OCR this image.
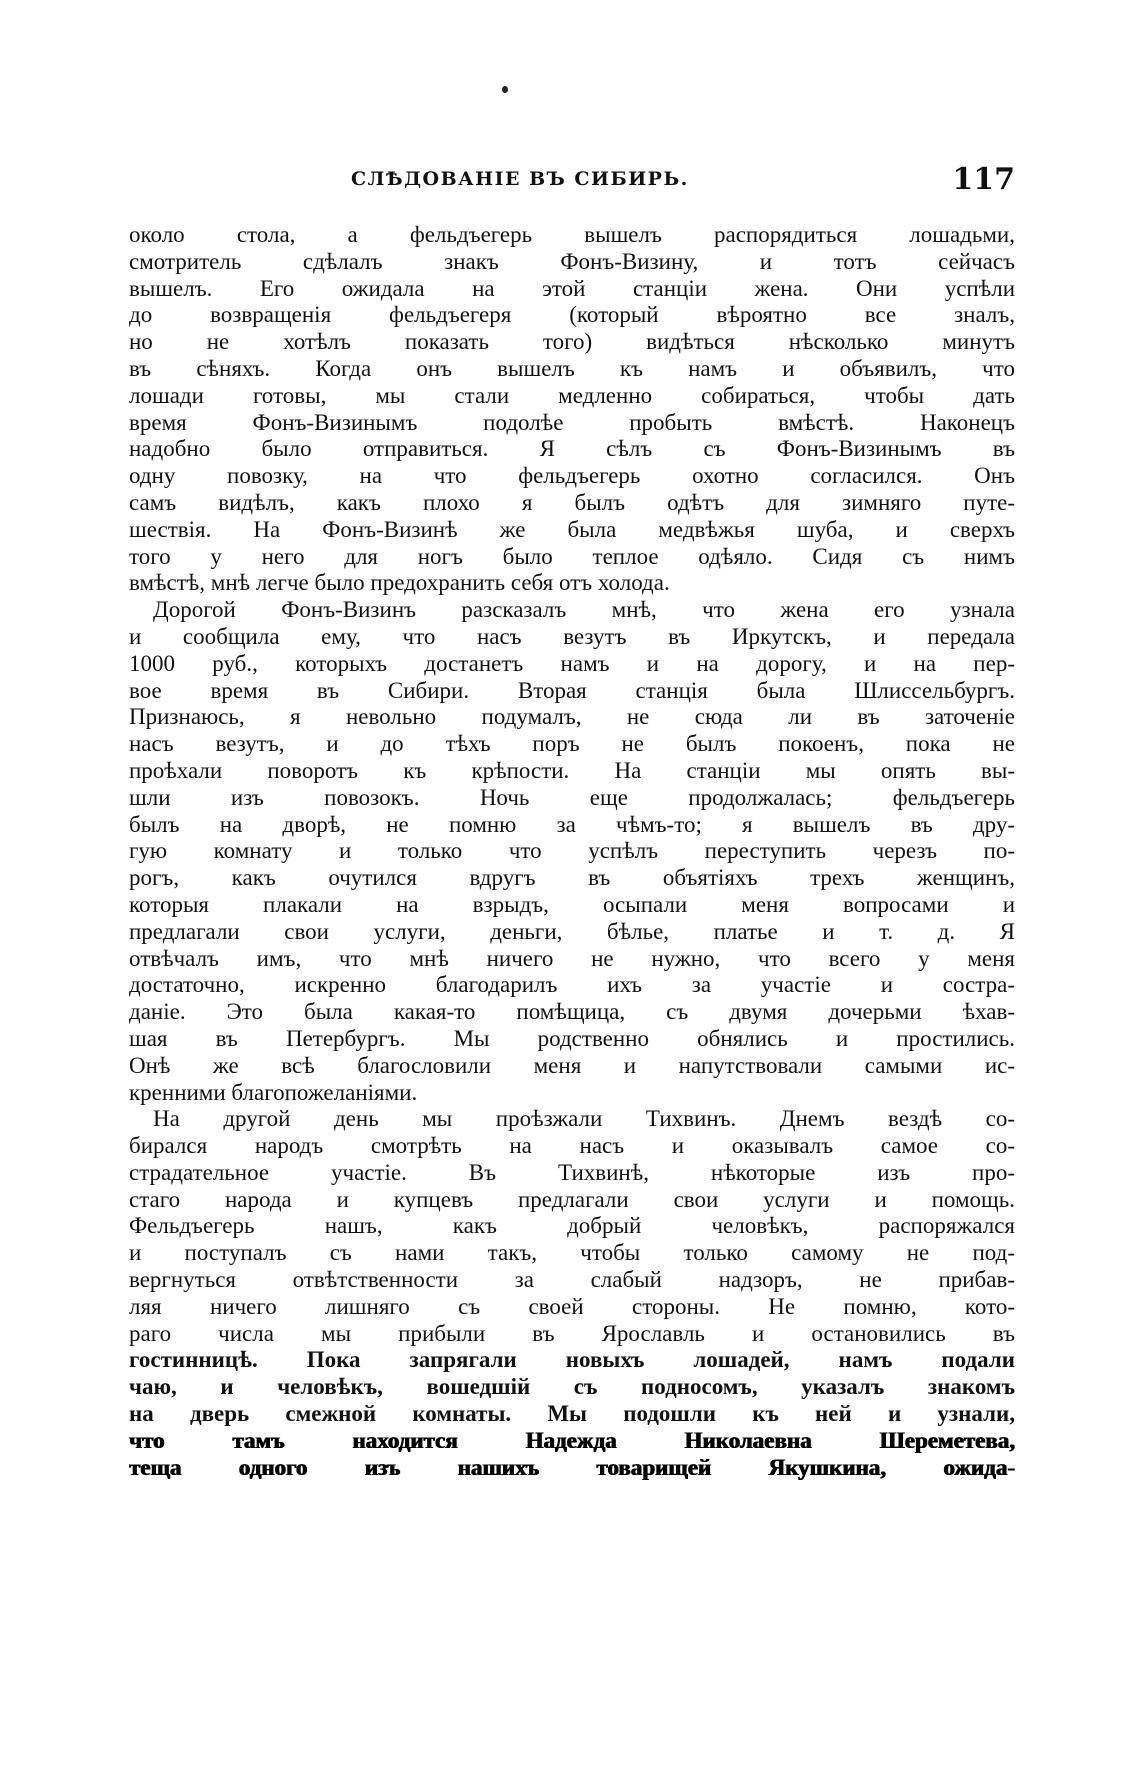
СЛѢДОВАНІЕ ВЪ СИБИРЬ.	117
около стола, а фельдъегерь вышелъ распорядиться лошадьми,
смотритель сдѣлалъ знакъ Фонъ-Визину, и тотъ сейчасъ
вышелъ. Его ожидала на этой станціи жена. Они успѣли
до возвращенія фельдъегеря (который вѣроятно все зналъ,
но не хотѣлъ показать того) видѣться нѣсколько минутъ
въ сѣняхъ. Когда онъ вышелъ къ намъ и объявилъ, что
лошади готовы, мы стали медленно собираться, чтобы дать
время Фонъ-Визинымъ подолѣе пробыть вмѣстѣ. Наконецъ
надобно было отправиться. Я сѣлъ съ Фонъ-Визинымъ въ
одну повозку, на что фельдъегерь охотно согласился. Онъ
самъ видѣлъ, какъ плохо я былъ одѣтъ для зимняго путе-
шествія. На Фонъ-Визинѣ же была медвѣжья шуба, и сверхъ
того у него для ногъ было теплое одѣяло. Сидя съ нимъ
вмѣстѣ, мнѣ легче было предохранить себя отъ холода.
Дорогой Фонъ-Визинъ разсказалъ мнѣ, что жена его узнала
и сообщила ему, что насъ везутъ въ Иркутскъ, и передала
1000 руб., которыхъ достанетъ намъ и на дорогу, и на пер-
вое время въ Сибири. Вторая станція была Шлиссельбургъ.
Признаюсь, я невольно подумалъ, не сюда ли въ заточеніе
насъ везутъ, и до тѣхъ поръ не былъ покоенъ, пока не
проѣхали поворотъ къ крѣпости. На станціи мы опять вы-
шли изъ повозокъ. Ночь еще продолжалась; фельдъегерь
былъ на дворѣ, не помню за чѣмъ-то; я вышелъ въ дру-
гую комнату и только что успѣлъ переступить черезъ по-
рогъ, какъ очутился вдругъ въ объятіяхъ трехъ женщинъ,
которыя плакали на взрыдъ, осыпали меня вопросами и
предлагали свои услуги, деньги, бѣлье, платье и т. д. Я
отвѣчалъ имъ, что мнѣ ничего не нужно, что всего у меня
достаточно, искренно благодарилъ ихъ за участіе и состра-
даніе. Это была какая-то помѣщица, съ двумя дочерьми ѣхав-
шая въ Петербургъ. Мы родственно обнялись и простились.
Онѣ же всѣ благословили меня и напутствовали самыми ис-
кренними благопожеланіями.
На другой день мы проѣзжали Тихвинъ. Днемъ вездѣ со-
бирался народъ смотрѣть на насъ и оказывалъ самое со-
страдательное участіе. Въ Тихвинѣ, нѣкоторые изъ про-
стаго народа и купцевъ предлагали свои услуги и помощь.
Фельдъегерь нашъ, какъ добрый человѣкъ, распоряжался
и поступалъ съ нами такъ, чтобы только самому не под-
вергнуться отвѣтственности за слабый надзоръ, не прибав-
ляя ничего лишняго съ своей стороны. Не помню, кото-
раго числа мы прибыли въ Ярославль и остановились въ
гостинницѣ. Пока запрягали новыхъ лошадей, намъ подали
чаю, и человѣкъ, вошедшій съ подносомъ, указалъ знакомъ
на дверь смежной комнаты. Мы подошли къ ней и узнали,
что тамъ находится Надежда Николаевна Шереметева,
теща одного изъ нашихъ товарищей Якушкина, ожида-
